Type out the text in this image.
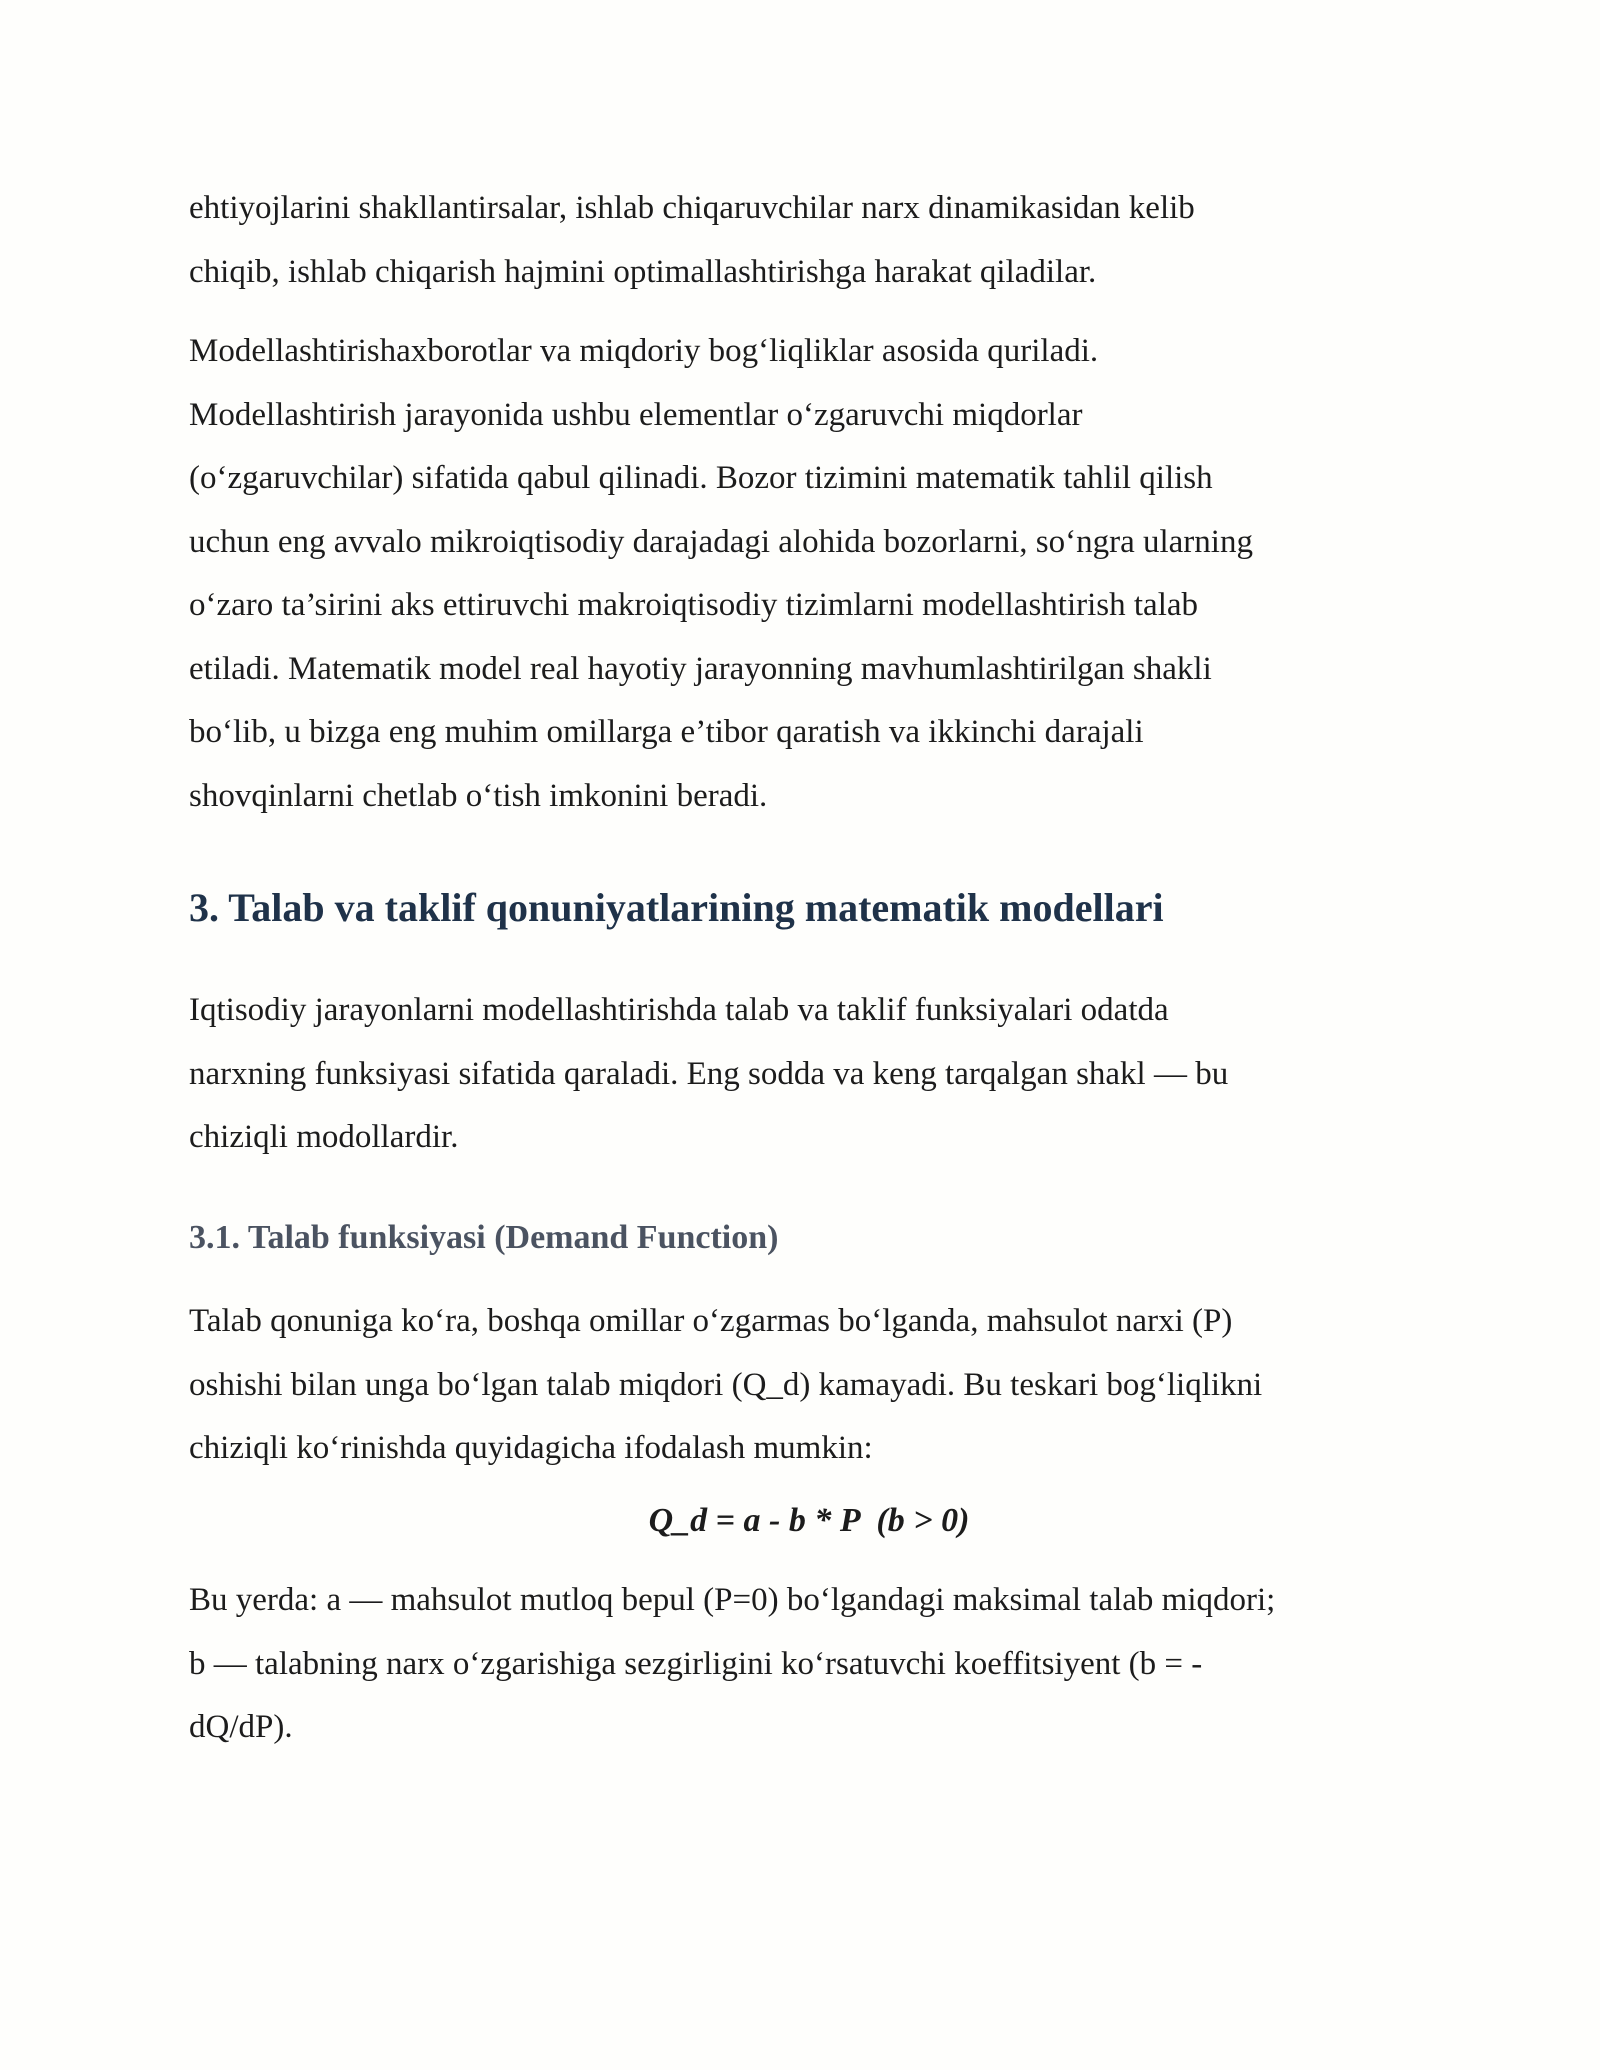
ehtiyojlarini shakllantirsalar, ishlab chiqaruvchilar narx dinamikasidan kelib
chiqib, ishlab chiqarish hajmini optimallashtirishga harakat qiladilar.

Modellashtirishaxborotlar va miqdoriy bog‘liqliklar asosida quriladi.
Modellashtirish jarayonida ushbu elementlar o‘zgaruvchi miqdorlar
(o‘zgaruvchilar) sifatida qabul qilinadi. Bozor tizimini matematik tahlil qilish
uchun eng avvalo mikroiqtisodiy darajadagi alohida bozorlarni, so‘ngra ularning
o‘zaro ta’sirini aks ettiruvchi makroiqtisodiy tizimlarni modellashtirish talab
etiladi. Matematik model real hayotiy jarayonning mavhumlashtirilgan shakli
bo‘lib, u bizga eng muhim omillarga e’tibor qaratish va ikkinchi darajali
shovqinlarni chetlab o‘tish imkonini beradi.

3. Talab va taklif qonuniyatlarining matematik modellari

Iqtisodiy jarayonlarni modellashtirishda talab va taklif funksiyalari odatda
narxning funksiyasi sifatida qaraladi. Eng sodda va keng tarqalgan shakl — bu
chiziqli modollardir.

3.1. Talab funksiyasi (Demand Function)

Talab qonuniga ko‘ra, boshqa omillar o‘zgarmas bo‘lganda, mahsulot narxi (P)
oshishi bilan unga bo‘lgan talab miqdori (Q_d) kamayadi. Bu teskari bog‘liqlikni
chiziqli ko‘rinishda quyidagicha ifodalash mumkin:

Q_d = a - b * P  (b > 0)

Bu yerda: a — mahsulot mutloq bepul (P=0) bo‘lgandagi maksimal talab miqdori;
b — talabning narx o‘zgarishiga sezgirligini ko‘rsatuvchi koeffitsiyent (b = -
dQ/dP).
